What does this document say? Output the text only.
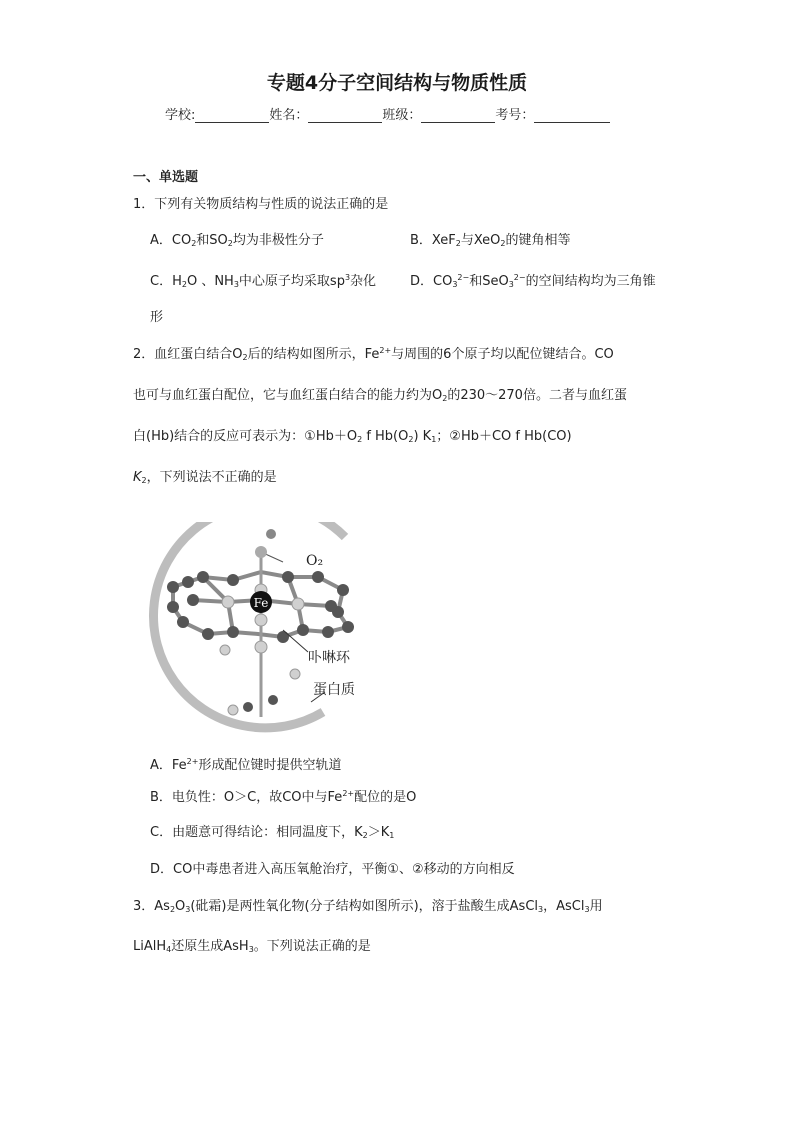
专题4分子空间结构与物质性质
学校:	姓名：	班级：	考号：
一、单选题
1．下列有关物质结构与性质的说法正确的是
A．$CO_2$和$SO_2$均为非极性分子	B．XeF$_2$与XeO$_2$的键角相等
C．$H_2O$ 、$NH_3$中心原子均采取$sp^3$杂化	D．$CO_3^{2-}$和SeO$_3^{2-}$的空间结构均为三角锥
形
2．血红蛋白结合$O_2$后的结构如图所示，$Fe^{2+}$与周围的6个原子均以配位键结合。CO
也可与血红蛋白配位，它与血红蛋白结合的能力约为$O_2$的230～270倍。二者与血红蛋
白(Hb)结合的反应可表示为：$①Hb+O_2$ f $Hb(O_2)$ $K_1$；②Hb＋CO f Hb(CO)
$K_2$，下列说法不正确的是
Fe
O₂
卟啉环
蛋白质
A．$Fe^{2+}$形成配位键时提供空轨道
B．电负性：O＞C，故CO中与$Fe^{2+}$配位的是O
C．由题意可得结论：相同温度下，$K_2>K_1$
D．CO中毒患者进入高压氧舱治疗，平衡①、②移动的方向相反
3．$As_2O_3$(砒霜)是两性氧化物(分子结构如图所示)，溶于盐酸生成AsCl$_3$，AsCl$_3$用
LiAlH$_4$还原生成AsH$_3$。下列说法正确的是
